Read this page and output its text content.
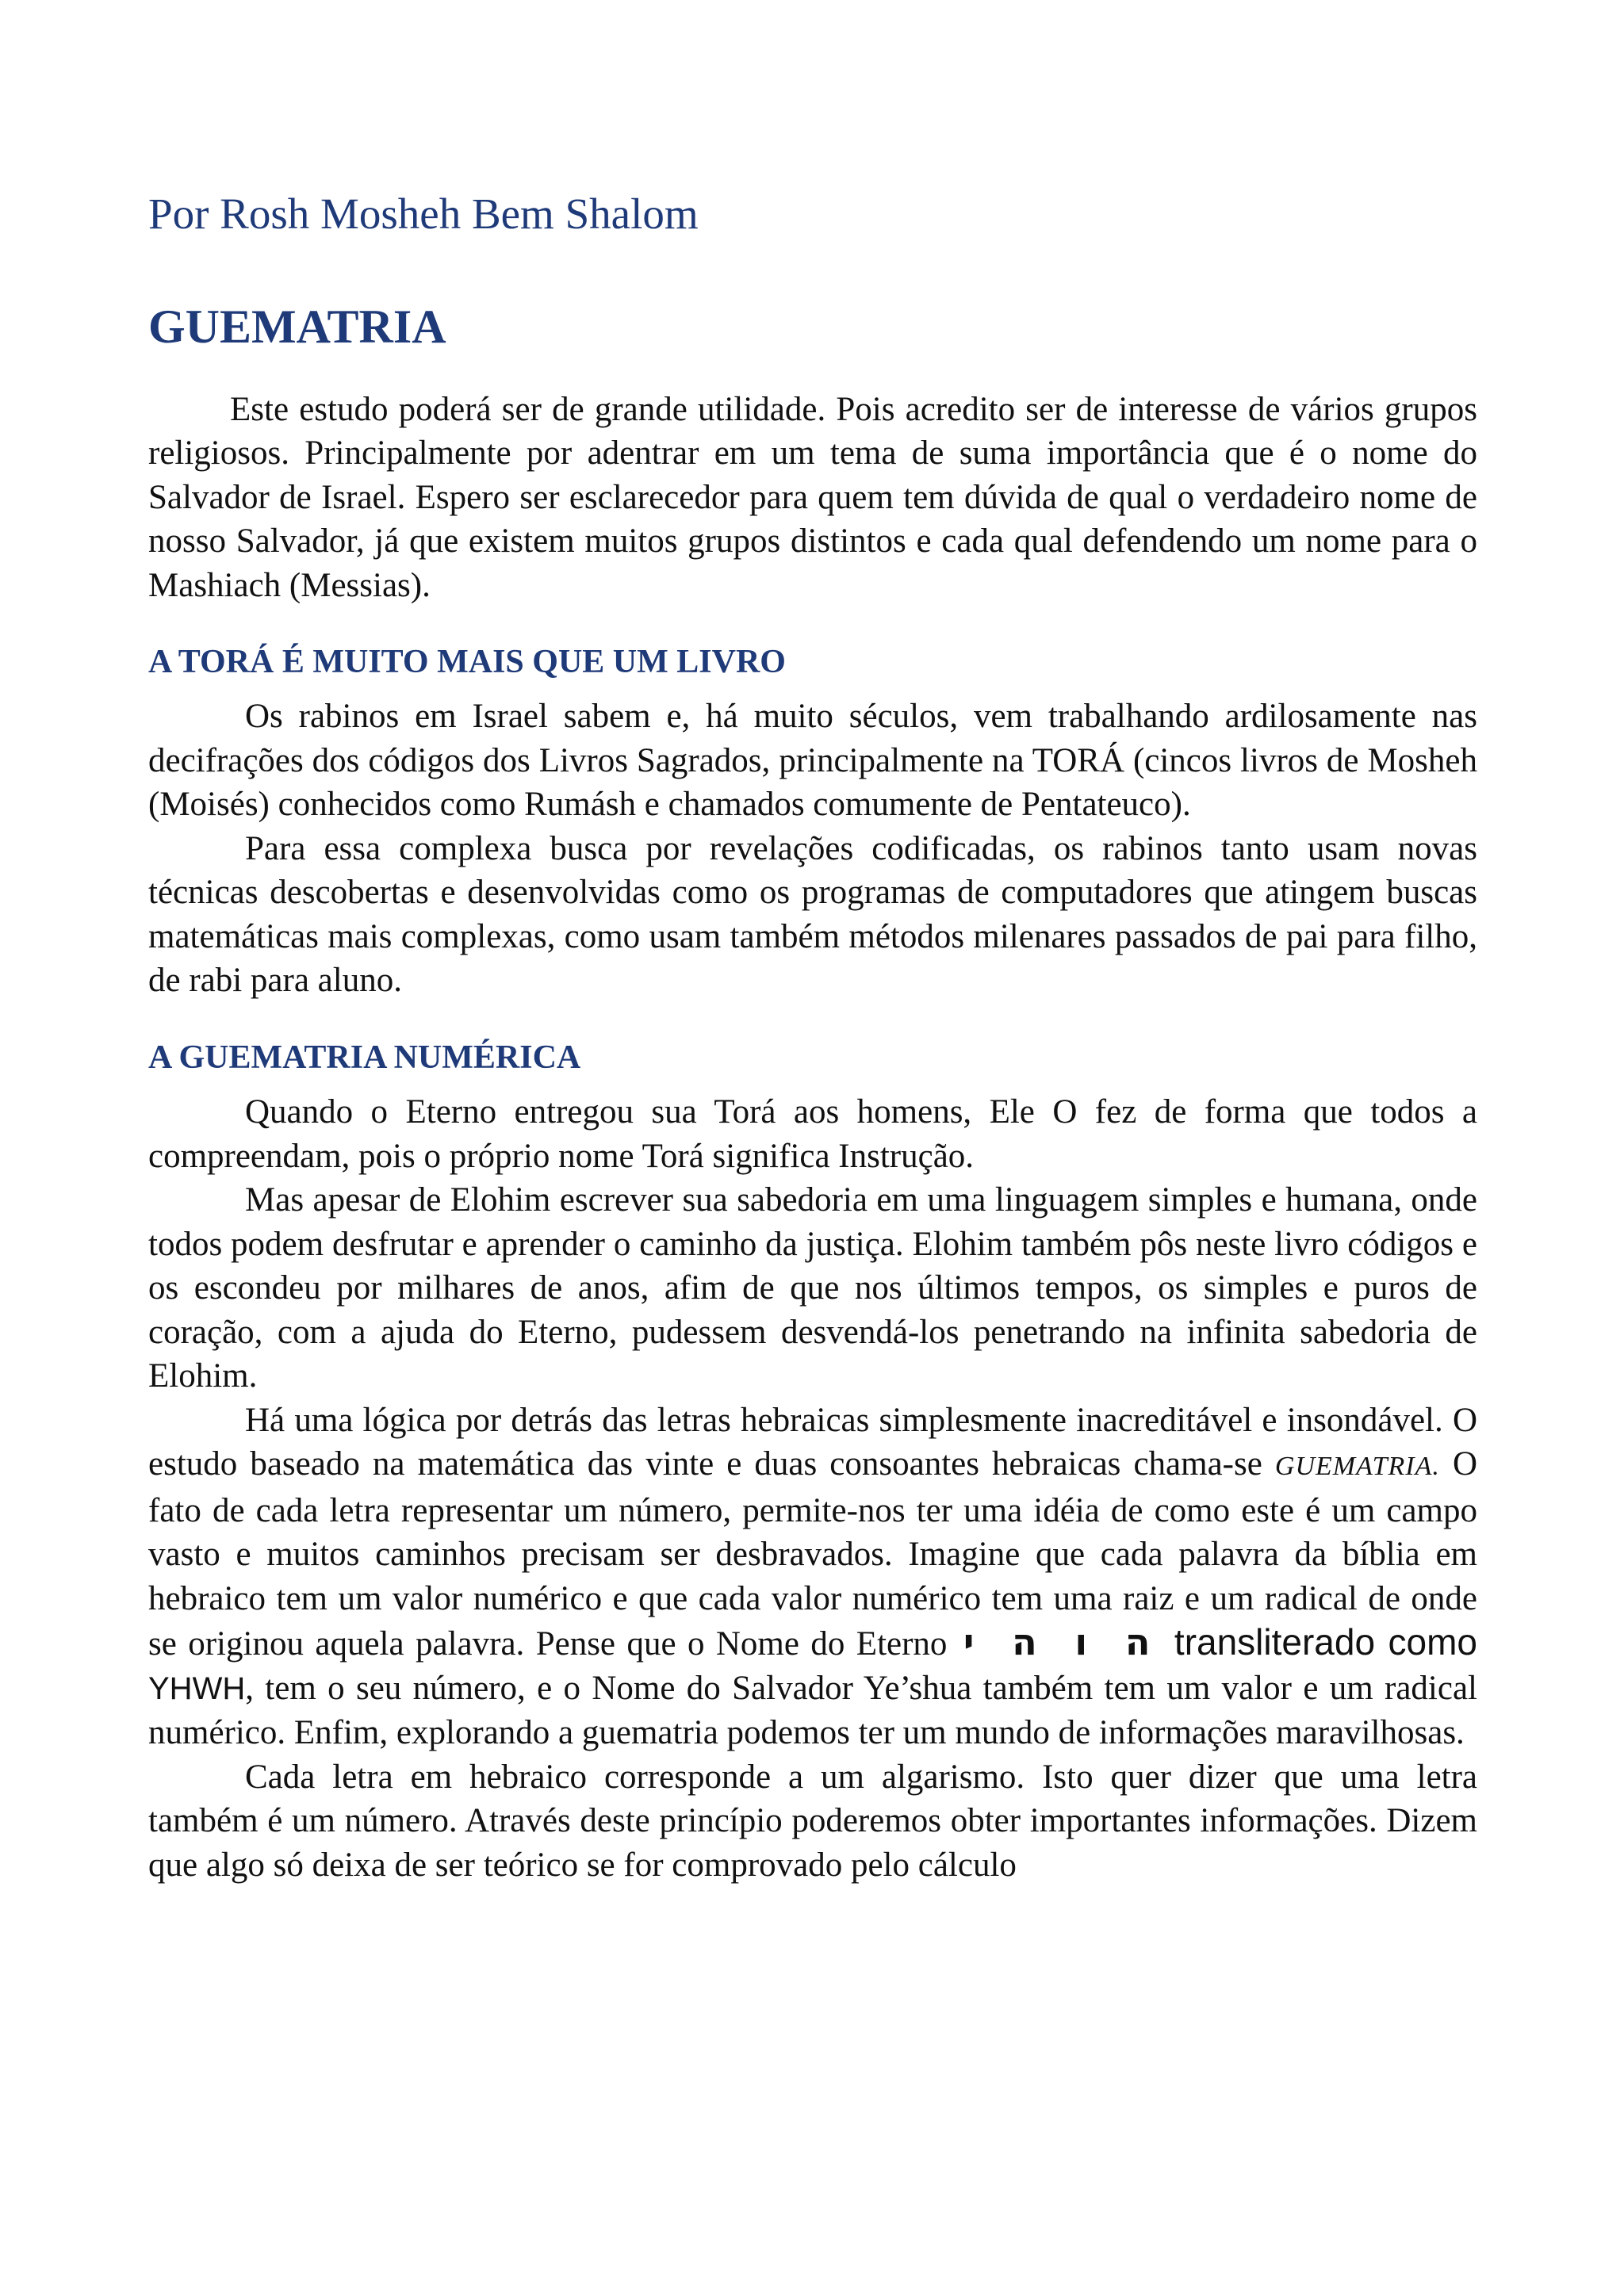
Por Rosh Mosheh Bem Shalom
GUEMATRIA

Este estudo poderá ser de grande utilidade. Pois acredito ser de interesse de vários grupos religiosos. Principalmente por adentrar em um tema de suma importância que é o nome do Salvador de Israel. Espero ser esclarecedor para quem tem dúvida de qual o verdadeiro nome de nosso Salvador, já que existem muitos grupos distintos e cada qual defendendo um nome para o Mashiach (Messias).

A TORÁ É MUITO MAIS QUE UM LIVRO

Os rabinos em Israel sabem e, há muito séculos, vem trabalhando ardilosamente nas decifrações dos códigos dos Livros Sagrados, principalmente na TORÁ (cincos livros de Mosheh (Moisés) conhecidos como Rumásh e chamados comumente de Pentateuco).

Para essa complexa busca por revelações codificadas, os rabinos tanto usam novas técnicas descobertas e desenvolvidas como os programas de computadores que atingem buscas matemáticas mais complexas, como usam também métodos milenares passados de pai para filho, de rabi para aluno.

A GUEMATRIA NUMÉRICA

Quando o Eterno entregou sua Torá aos homens, Ele O fez de forma que todos a compreendam, pois o próprio nome Torá significa Instrução.

Mas apesar de Elohim escrever sua sabedoria em uma linguagem simples e humana, onde todos podem desfrutar e aprender o caminho da justiça. Elohim também pôs neste livro códigos e os escondeu por milhares de anos, afim de que nos últimos tempos, os simples e puros de coração, com a ajuda do Eterno, pudessem desvendá-los penetrando na infinita sabedoria de Elohim.

Há uma lógica por detrás das letras hebraicas simplesmente inacreditável e insondável. O estudo baseado na matemática das vinte e duas consoantes hebraicas chama-se GUEMATRIA. O fato de cada letra representar um número, permite-nos ter uma idéia de como este é um campo vasto e muitos caminhos precisam ser desbravados. Imagine que cada palavra da bíblia em hebraico tem um valor numérico e que cada valor numérico tem uma raiz e um radical de onde se originou aquela palavra. Pense que o Nome do Eterno ה ו ה י transliterado como YHWH, tem o seu número, e o Nome do Salvador Ye’shua também tem um valor e um radical numérico. Enfim, explorando a guematria podemos ter um mundo de informações maravilhosas.

Cada letra em hebraico corresponde a um algarismo. Isto quer dizer que uma letra também é um número. Através deste princípio poderemos obter importantes informações. Dizem que algo só deixa de ser teórico se for comprovado pelo cálculo
